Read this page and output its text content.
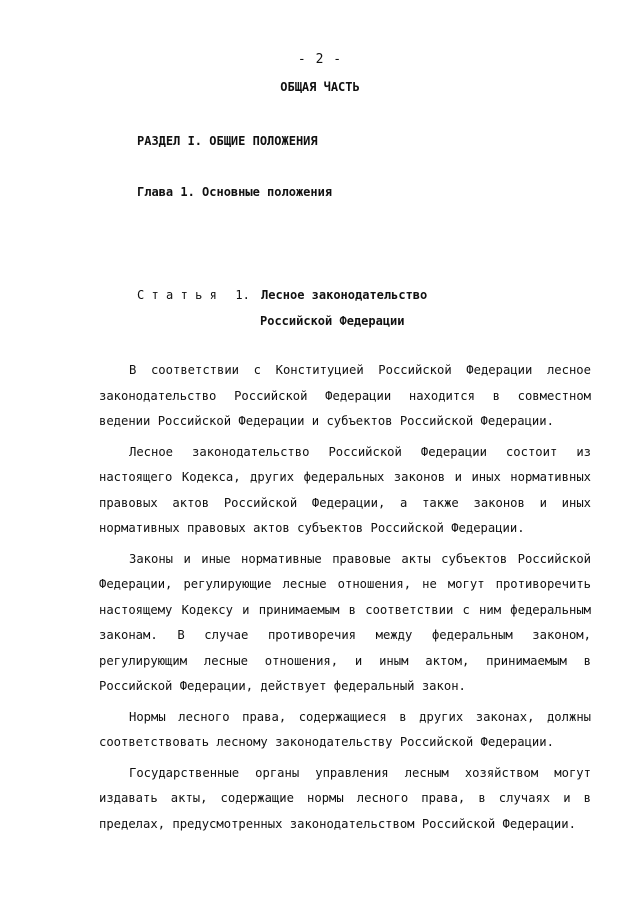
- 2 -
ОБЩАЯ ЧАСТЬ
РАЗДЕЛ I. ОБЩИЕ ПОЛОЖЕНИЯ
Глава 1. Основные положения
Статья 1. Лесное законодательство
Российской Федерации

В соответствии с Конституцией Российской Федерации лесное законодательство Российской Федерации находится в совместном ведении Российской Федерации и субъектов Российской Федерации.

Лесное законодательство Российской Федерации состоит из настоящего Кодекса, других федеральных законов и иных нормативных правовых актов Российской Федерации, а также законов и иных нормативных правовых актов субъектов Российской Федерации.

Законы и иные нормативные правовые акты субъектов Российской Федерации, регулирующие лесные отношения, не могут противоречить настоящему Кодексу и принимаемым в соответствии с ним федеральным законам. В случае противоречия между федеральным законом, регулирующим лесные отношения, и иным актом, принимаемым в Российской Федерации, действует федеральный закон.

Нормы лесного права, содержащиеся в других законах, должны соответствовать лесному законодательству Российской Федерации.

Государственные органы управления лесным хозяйством могут издавать акты, содержащие нормы лесного права, в случаях и в пределах, предусмотренных законодательством Российской Федерации.
